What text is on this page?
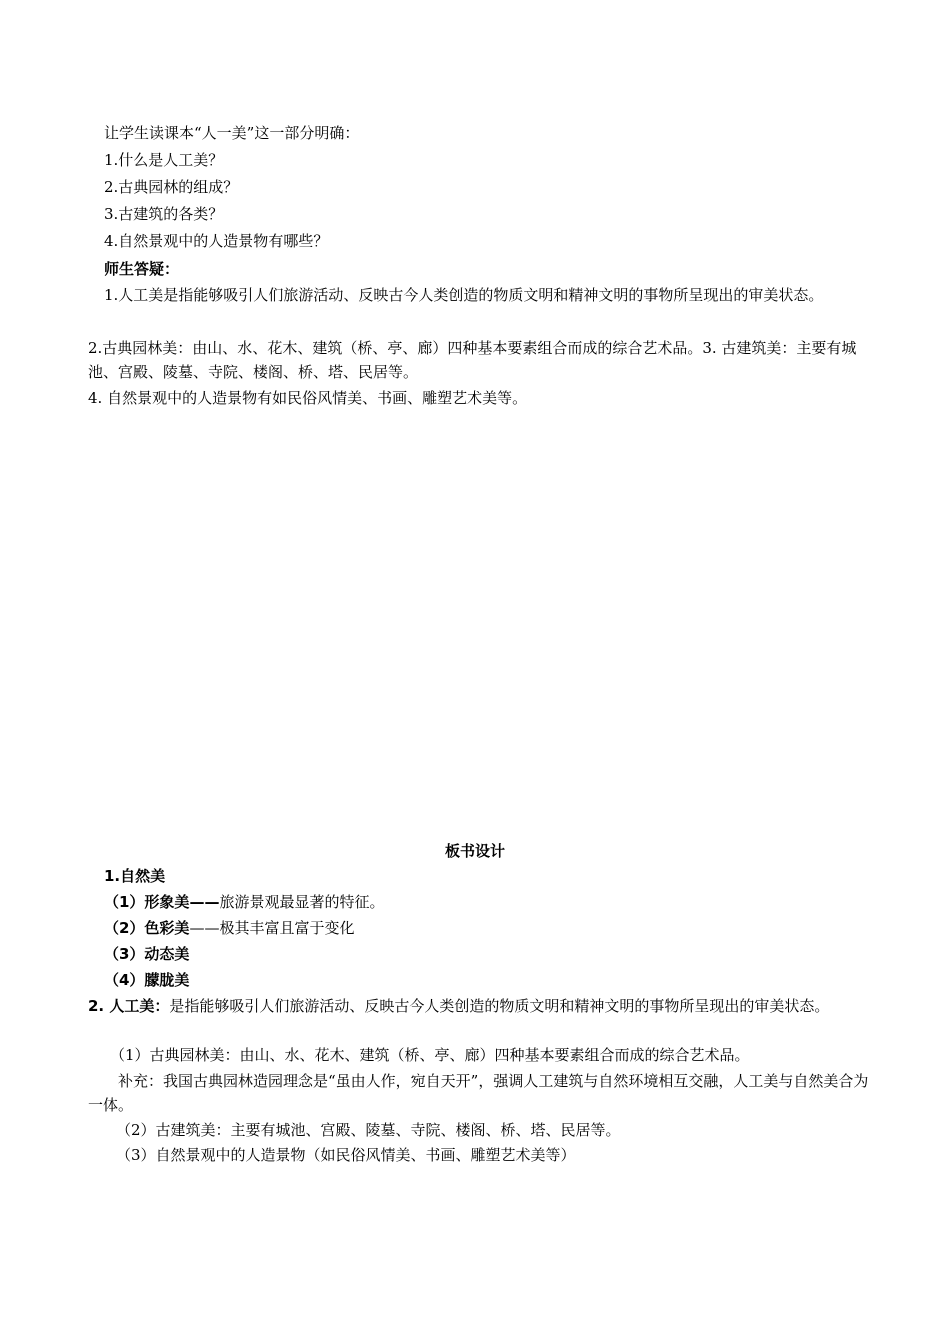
让学生读课本“人一美”这一部分明确：
1.什么是人工美？
2.古典园林的组成？
3.古建筑的各类？
4.自然景观中的人造景物有哪些？
师生答疑：
1.人工美是指能够吸引人们旅游活动、反映古今人类创造的物质文明和精神文明的事物所呈现出的审美状态。
2.古典园林美：由山、水、花木、建筑（桥、亭、廊）四种基本要素组合而成的综合艺术品。3. 古建筑美：主要有城池、宫殿、陵墓、寺院、楼阁、桥、塔、民居等。
4. 自然景观中的人造景物有如民俗风情美、书画、雕塑艺术美等。
板书设计
1.自然美
（1）形象美——旅游景观最显著的特征。
（2）色彩美——极其丰富且富于变化
（3）动态美
（4）朦胧美
2. 人工美：是指能够吸引人们旅游活动、反映古今人类创造的物质文明和精神文明的事物所呈现出的审美状态。
（1）古典园林美：由山、水、花木、建筑（桥、亭、廊）四种基本要素组合而成的综合艺术品。
补充：我国古典园林造园理念是“虽由人作，宛自天开”，强调人工建筑与自然环境相互交融，人工美与自然美合为一体。
（2）古建筑美：主要有城池、宫殿、陵墓、寺院、楼阁、桥、塔、民居等。
（3）自然景观中的人造景物（如民俗风情美、书画、雕塑艺术美等）
